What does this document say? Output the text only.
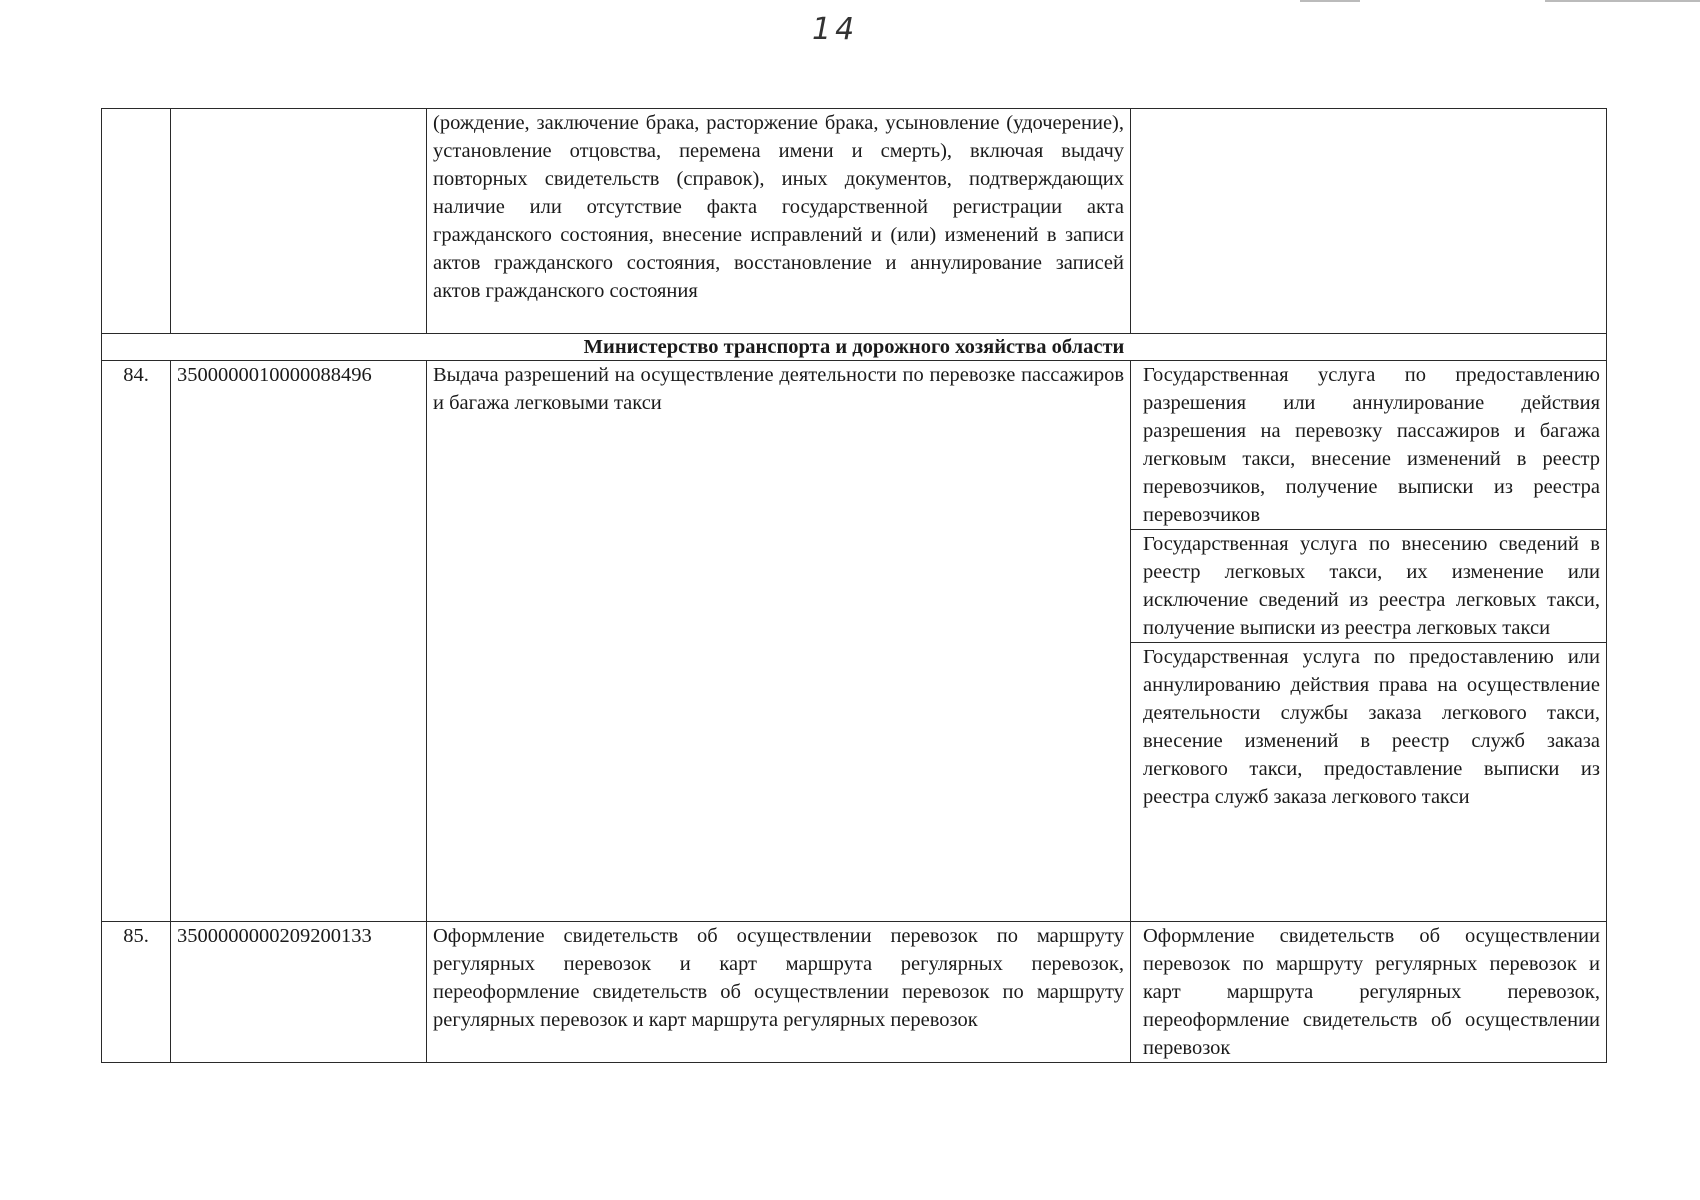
14
		(рождение, заключение брака, расторжение брака, усыновление (удочерение), установление отцовства, перемена имени и смерть), включая выдачу повторных свидетельств (справок), иных документов, подтверждающих наличие или отсутствие факта государственной регистрации акта гражданского состояния, внесение исправлений и (или) изменений в записи актов гражданского состояния, восстановление и аннулирование записей актов гражданского состояния	
Министерство транспорта и дорожного хозяйства области			
84.	3500000010000088496	Выдача разрешений на осуществление деятельности по перевозке пассажиров и багажа легковыми такси	Государственная услуга по предоставлению разрешения или аннулирование действия разрешения на перевозку пассажиров и багажа легковым такси, внесение изменений в реестр перевозчиков, получение выписки из реестра перевозчиков
Государственная услуга по внесению сведений в реестр легковых такси, их изменение или исключение сведений из реестра легковых такси, получение выписки из реестра легковых такси
Государственная услуга по предоставлению или аннулированию действия права на осуществление деятельности службы заказа легкового такси, внесение изменений в реестр служб заказа легкового такси, предоставление выписки из реестра служб заказа легкового такси

85.	3500000000209200133	Оформление свидетельств об осуществлении перевозок по маршруту регулярных перевозок и карт маршрута регулярных перевозок, переоформление свидетельств об осуществлении перевозок по маршруту регулярных перевозок и карт маршрута регулярных перевозок	Оформление свидетельств об осуществлении перевозок по маршруту регулярных перевозок и карт маршрута регулярных перевозок, переоформление свидетельств об осуществлении перевозок
